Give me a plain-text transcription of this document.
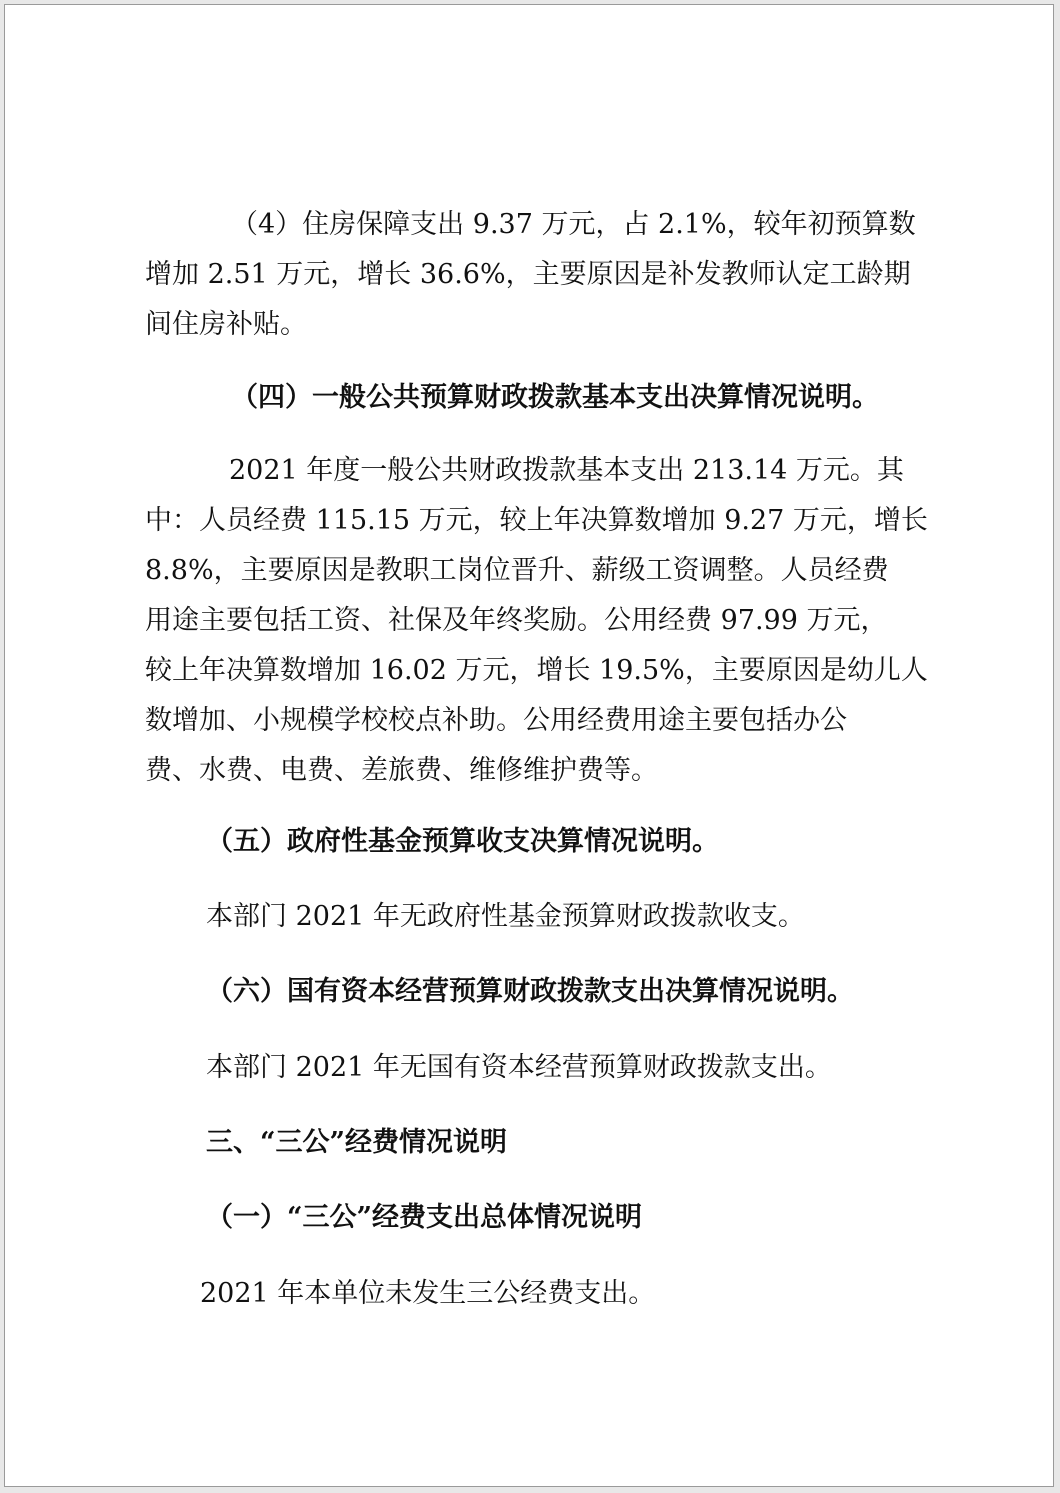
（4）住房保障支出 9.37 万元，占 2.1%，较年初预算数
增加 2.51 万元，增长 36.6%，主要原因是补发教师认定工龄期
间住房补贴。
（四）一般公共预算财政拨款基本支出决算情况说明。
2021 年度一般公共财政拨款基本支出 213.14 万元。其
中：人员经费 115.15 万元，较上年决算数增加 9.27 万元，增长
8.8%，主要原因是教职工岗位晋升、薪级工资调整。人员经费
用途主要包括工资、社保及年终奖励。公用经费 97.99 万元，
较上年决算数增加 16.02 万元，增长 19.5%，主要原因是幼儿人
数增加、小规模学校校点补助。公用经费用途主要包括办公
费、水费、电费、差旅费、维修维护费等。
（五）政府性基金预算收支决算情况说明。
本部门 2021 年无政府性基金预算财政拨款收支。
（六）国有资本经营预算财政拨款支出决算情况说明。
本部门 2021 年无国有资本经营预算财政拨款支出。
三、“三公”经费情况说明
（一）“三公”经费支出总体情况说明
2021 年本单位未发生三公经费支出。
